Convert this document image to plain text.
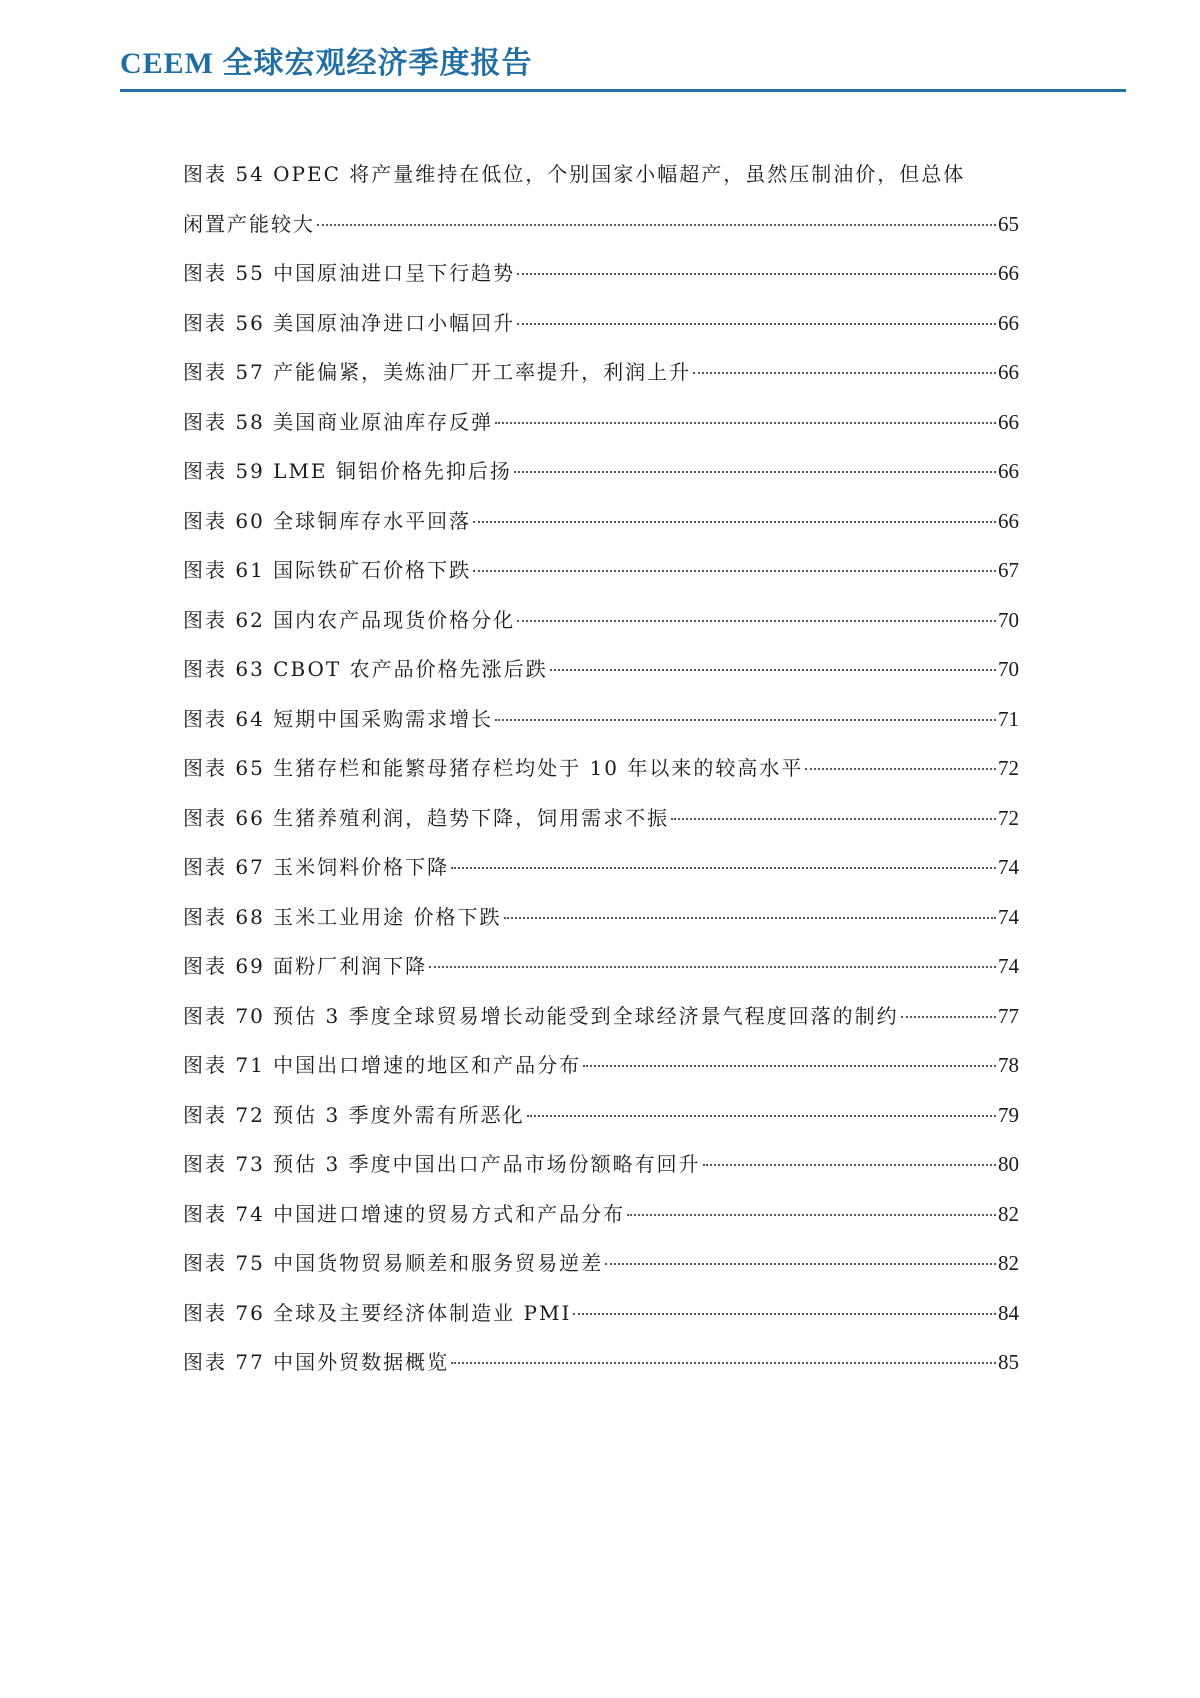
CEEM 全球宏观经济季度报告
图表 54 OPEC 将产量维持在低位，个别国家小幅超产，虽然压制油价，但总体
闲置产能较大	65
图表 55 中国原油进口呈下行趋势	66
图表 56 美国原油净进口小幅回升	66
图表 57 产能偏紧，美炼油厂开工率提升，利润上升	66
图表 58 美国商业原油库存反弹	66
图表 59 LME 铜铝价格先抑后扬	66
图表 60 全球铜库存水平回落	66
图表 61 国际铁矿石价格下跌	67
图表 62 国内农产品现货价格分化	70
图表 63 CBOT 农产品价格先涨后跌	70
图表 64 短期中国采购需求增长	71
图表 65 生猪存栏和能繁母猪存栏均处于 10 年以来的较高水平	72
图表 66 生猪养殖利润，趋势下降，饲用需求不振	72
图表 67 玉米饲料价格下降	74
图表 68 玉米工业用途 价格下跌	74
图表 69 面粉厂利润下降	74
图表 70 预估 3 季度全球贸易增长动能受到全球经济景气程度回落的制约	77
图表 71 中国出口增速的地区和产品分布	78
图表 72 预估 3 季度外需有所恶化	79
图表 73 预估 3 季度中国出口产品市场份额略有回升	80
图表 74 中国进口增速的贸易方式和产品分布	82
图表 75 中国货物贸易顺差和服务贸易逆差	82
图表 76 全球及主要经济体制造业 PMI	84
图表 77 中国外贸数据概览	85
